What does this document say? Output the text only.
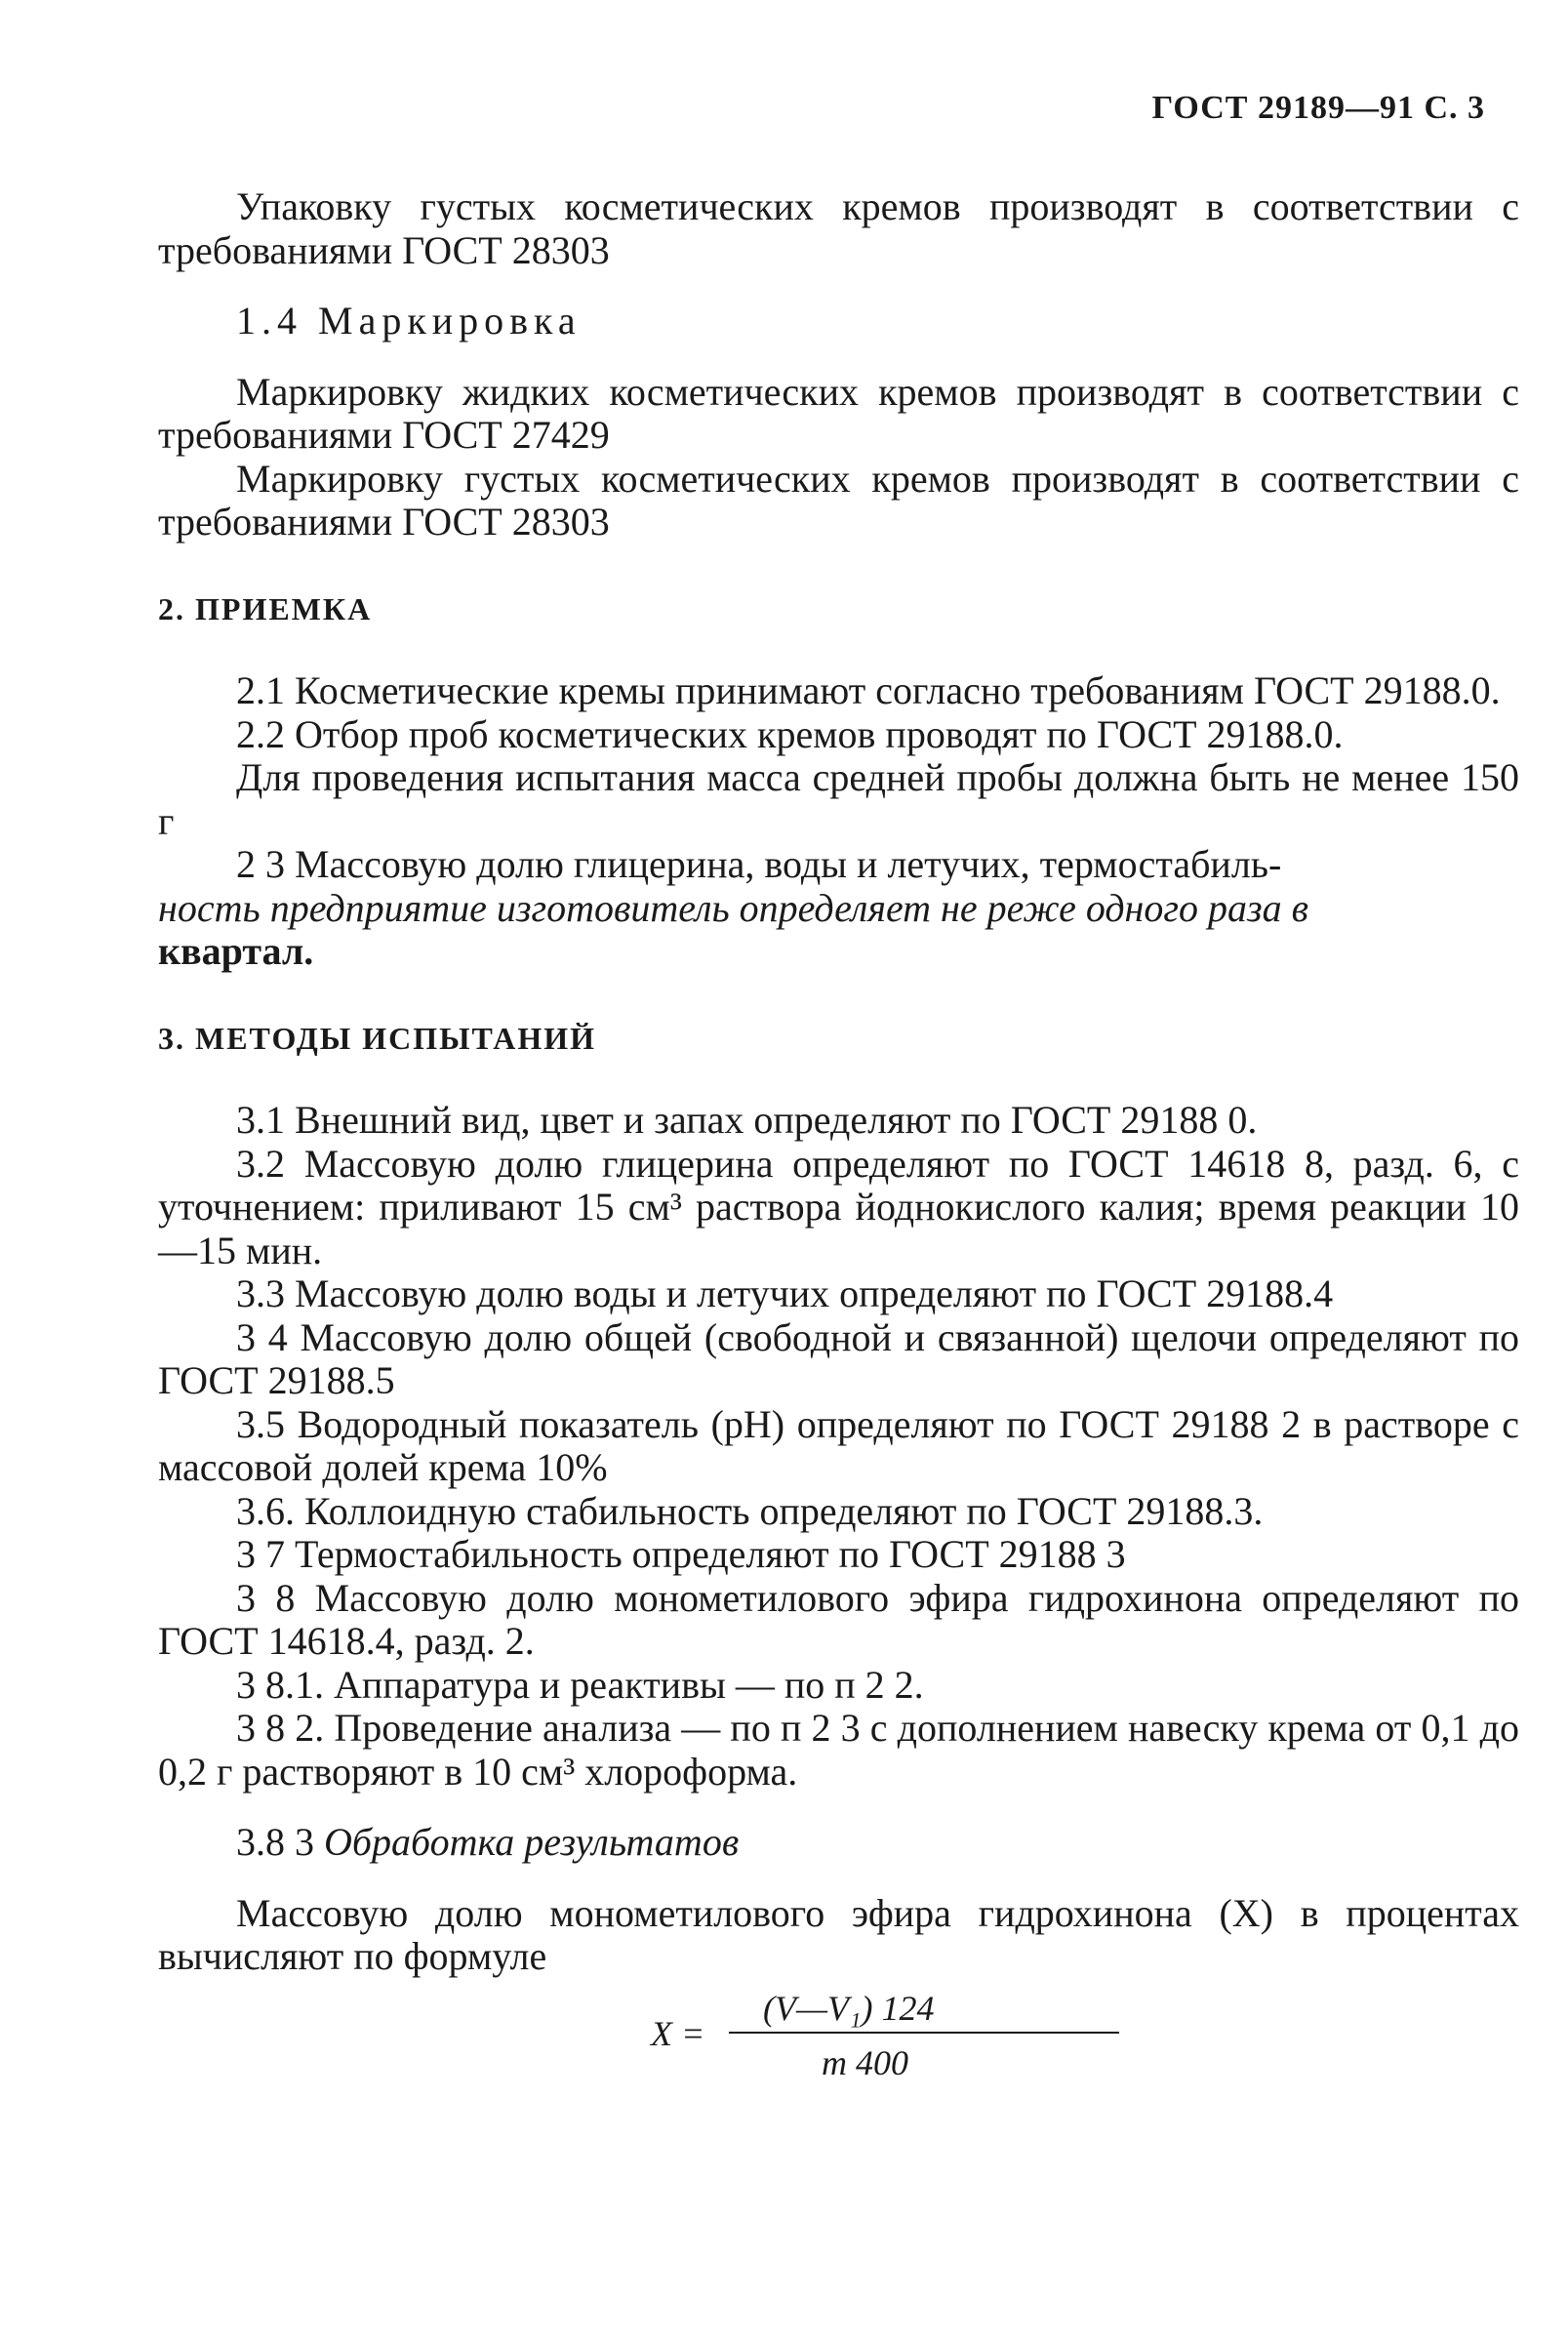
ГОСТ 29189—91 С. 3

Упаковку густых косметических кремов производят в соответствии с требованиями ГОСТ 28303

1.4 Маркировка

Маркировку жидких косметических кремов производят в соответствии с требованиями ГОСТ 27429

Маркировку густых косметических кремов производят в соответствии с требованиями ГОСТ 28303

2. ПРИЕМКА

2.1 Косметические кремы принимают согласно требованиям ГОСТ 29188.0.

2.2 Отбор проб косметических кремов проводят по ГОСТ 29188.0.

Для проведения испытания масса средней пробы должна быть не менее 150 г

2 3 Массовую долю глицерина, воды и летучих, термостабиль-

ность предприятие изготовитель определяет не реже одного раза в

квартал.

3. МЕТОДЫ ИСПЫТАНИЙ

3.1 Внешний вид, цвет и запах определяют по ГОСТ 29188 0.

3.2 Массовую долю глицерина определяют по ГОСТ 14618 8, разд. 6, с уточнением: приливают 15 см³ раствора йоднокислого калия; время реакции 10—15 мин.

3.3 Массовую долю воды и летучих определяют по ГОСТ 29188.4

3 4 Массовую долю общей (свободной и связанной) щелочи определяют по ГОСТ 29188.5

3.5 Водородный показатель (рН) определяют по ГОСТ 29188 2 в растворе с массовой долей крема 10%

3.6. Коллоидную стабильность определяют по ГОСТ 29188.3.

3 7 Термостабильность определяют по ГОСТ 29188 3

3 8 Массовую долю монометилового эфира гидрохинона определяют по ГОСТ 14618.4, разд. 2.

3 8.1. Аппаратура и реактивы — по п 2 2.

3 8 2. Проведение анализа — по п 2 3 с дополнением навеску крема от 0,1 до 0,2 г растворяют в 10 см³ хлороформа.

3.8 3 Обработка результатов

Массовую долю монометилового эфира гидрохинона (X) в процентах вычисляют по формуле

X =
(V—V₁) 124
m 400
